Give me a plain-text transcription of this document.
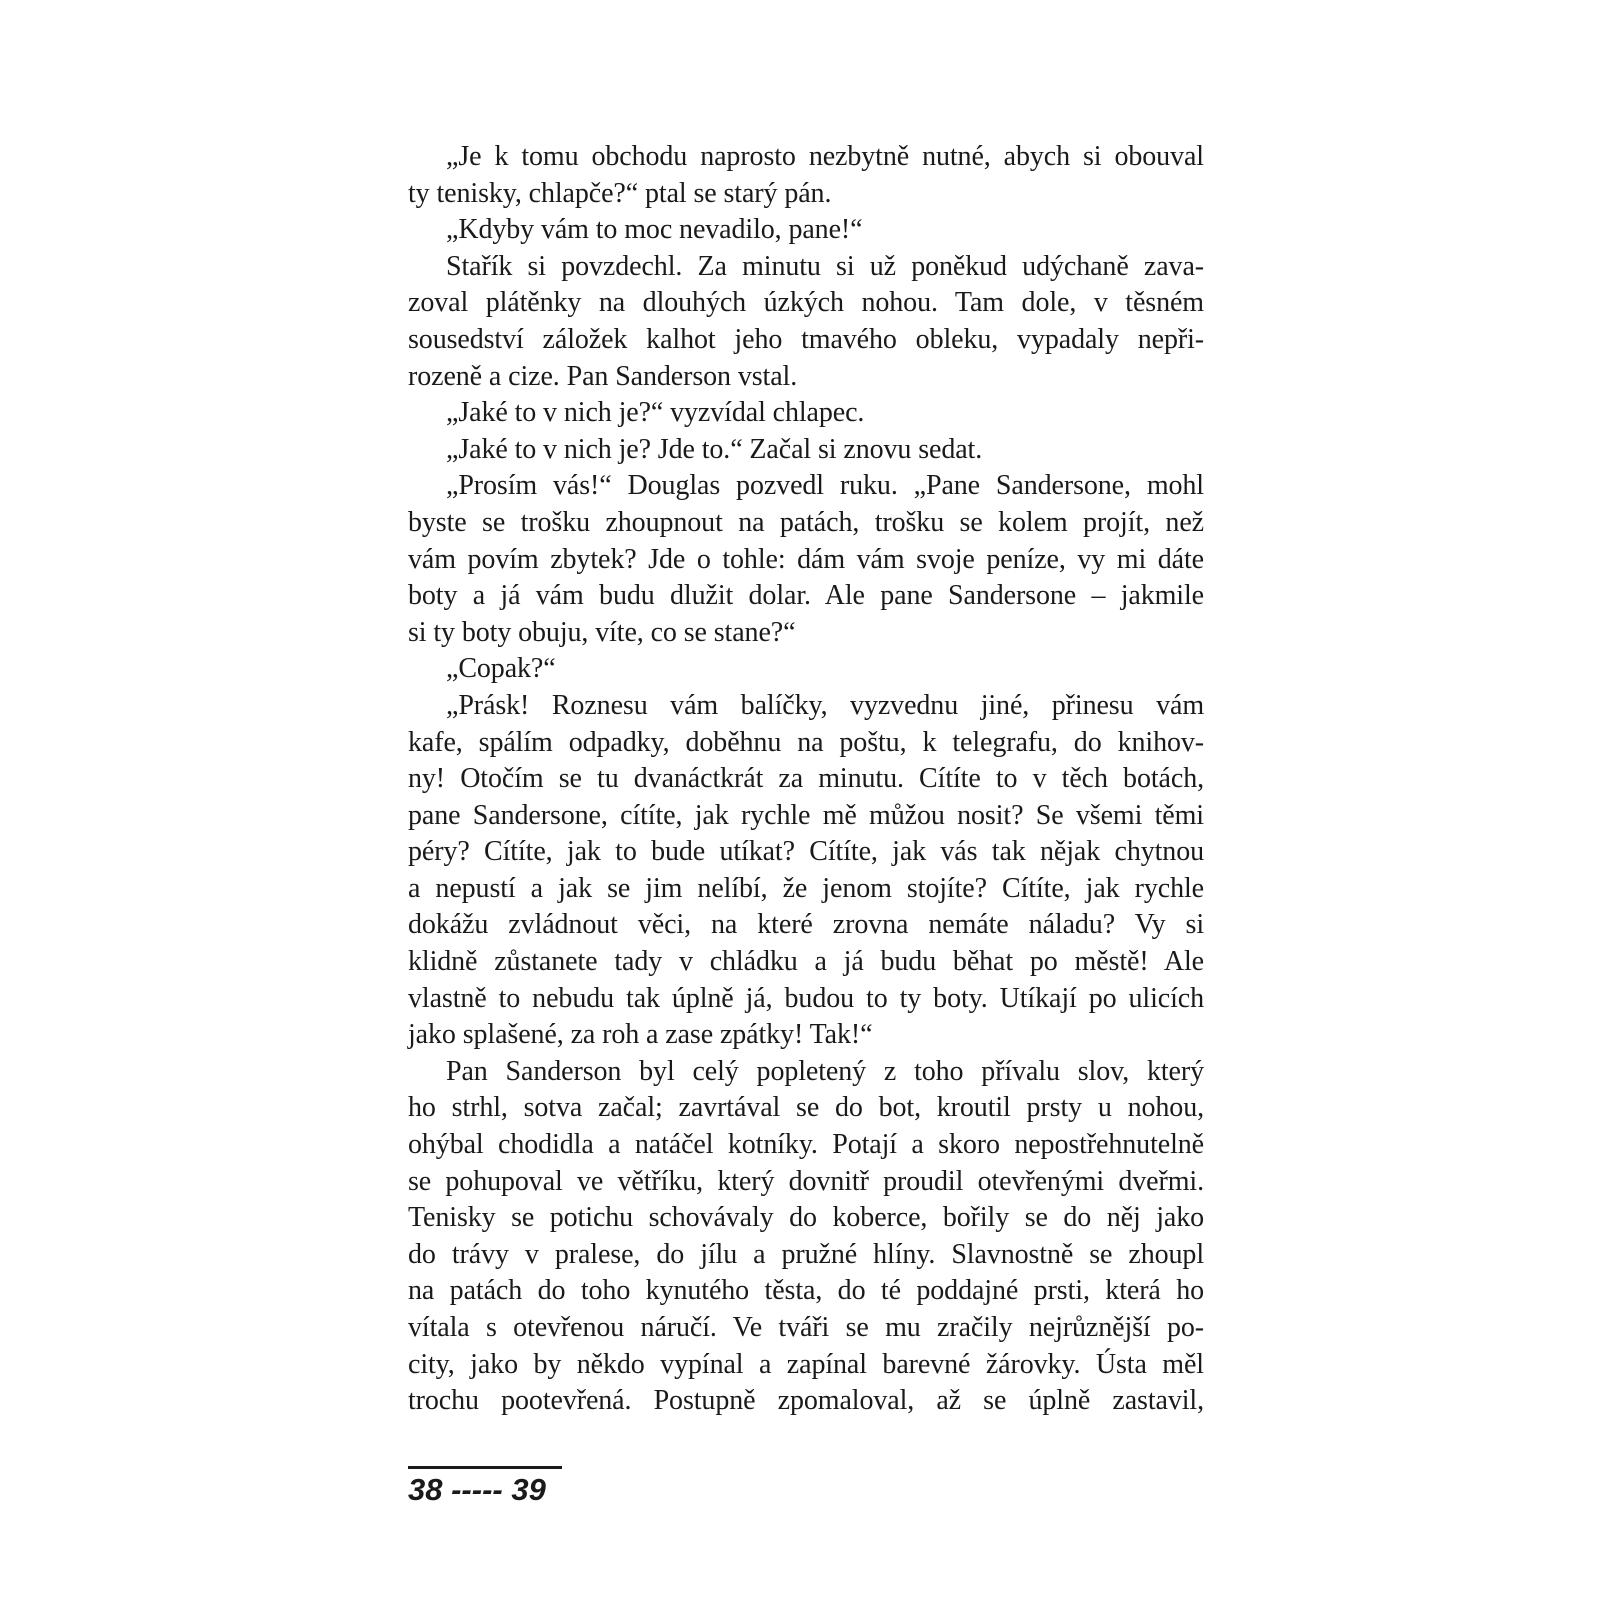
„Je k tomu obchodu naprosto nezbytně nutné, abych si obouval
ty tenisky, chlapče?“ ptal se starý pán.
„Kdyby vám to moc nevadilo, pane!“
Stařík si povzdechl. Za minutu si už poněkud udýchaně zava-
zoval plátěnky na dlouhých úzkých nohou. Tam dole, v těsném
sousedství záložek kalhot jeho tmavého obleku, vypadaly nepři-
rozeně a cize. Pan Sanderson vstal.
„Jaké to v nich je?“ vyzvídal chlapec.
„Jaké to v nich je? Jde to.“ Začal si znovu sedat.
„Prosím vás!“ Douglas pozvedl ruku. „Pane Sandersone, mohl
byste se trošku zhoupnout na patách, trošku se kolem projít, než
vám povím zbytek? Jde o tohle: dám vám svoje peníze, vy mi dáte
boty a já vám budu dlužit dolar. Ale pane Sandersone – jakmile
si ty boty obuju, víte, co se stane?“
„Copak?“
„Prásk! Roznesu vám balíčky, vyzvednu jiné, přinesu vám
kafe, spálím odpadky, doběhnu na poštu, k telegrafu, do knihov-
ny! Otočím se tu dvanáctkrát za minutu. Cítíte to v těch botách,
pane Sandersone, cítíte, jak rychle mě můžou nosit? Se všemi těmi
péry? Cítíte, jak to bude utíkat? Cítíte, jak vás tak nějak chytnou
a nepustí a jak se jim nelíbí, že jenom stojíte? Cítíte, jak rychle
dokážu zvládnout věci, na které zrovna nemáte náladu? Vy si
klidně zůstanete tady v chládku a já budu běhat po městě! Ale
vlastně to nebudu tak úplně já, budou to ty boty. Utíkají po ulicích
jako splašené, za roh a zase zpátky! Tak!“
Pan Sanderson byl celý popletený z toho přívalu slov, který
ho strhl, sotva začal; zavrtával se do bot, kroutil prsty u nohou,
ohýbal chodidla a natáčel kotníky. Potají a skoro nepostřehnutelně
se pohupoval ve větříku, který dovnitř proudil otevřenými dveřmi.
Tenisky se potichu schovávaly do koberce, bořily se do něj jako
do trávy v pralese, do jílu a pružné hlíny. Slavnostně se zhoupl
na patách do toho kynutého těsta, do té poddajné prsti, která ho
vítala s otevřenou náručí. Ve tváři se mu zračily nejrůznější po-
city, jako by někdo vypínal a zapínal barevné žárovky. Ústa měl
trochu pootevřená. Postupně zpomaloval, až se úplně zastavil,
38 ----- 39
